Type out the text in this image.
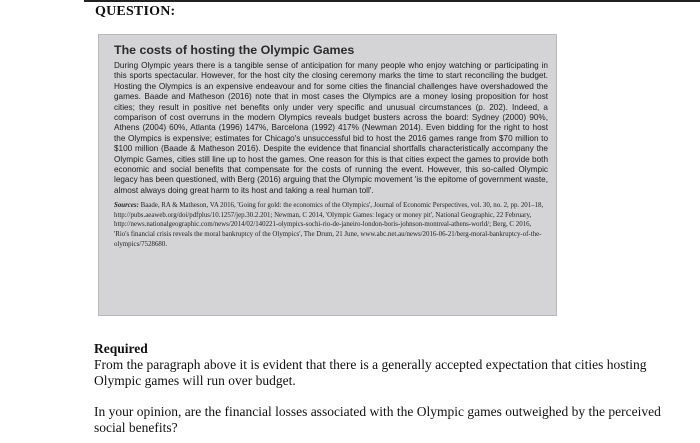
QUESTION:
The costs of hosting the Olympic Games

During Olympic years there is a tangible sense of anticipation for many people who enjoy watching or participating in this sports spectacular. However, for the host city the closing ceremony marks the time to start reconciling the budget. Hosting the Olympics is an expensive endeavour and for some cities the financial challenges have overshadowed the games. Baade and Matheson (2016) note that in most cases the Olympics are a money losing proposition for host cities; they result in positive net benefits only under very specific and unusual circumstances (p. 202). Indeed, a comparison of cost overruns in the modern Olympics reveals budget busters across the board: Sydney (2000) 90%, Athens (2004) 60%, Atlanta (1996) 147%, Barcelona (1992) 417% (Newman 2014). Even bidding for the right to host the Olympics is expensive; estimates for Chicago's unsuccessful bid to host the 2016 games range from $70 million to $100 million (Baade & Matheson 2016). Despite the evidence that financial shortfalls characteristically accompany the Olympic Games, cities still line up to host the games. One reason for this is that cities expect the games to provide both economic and social benefits that compensate for the costs of running the event. However, this so-called Olympic legacy has been questioned, with Berg (2016) arguing that the Olympic movement 'is the epitome of government waste, almost always doing great harm to its host and taking a real human toll'.

Sources: Baade, RA & Matheson, VA 2016, 'Going for gold: the economics of the Olympics', Journal of Economic Perspectives, vol. 30, no. 2, pp. 201–18, http://pubs.aeaweb.org/doi/pdfplus/10.1257/jep.30.2.201; Newman, C 2014, 'Olympic Games: legacy or money pit', National Geographic, 22 February, http://news.nationalgeographic.com/news/2014/02/140221-olympics-sochi-rio-de-janeiro-london-boris-johnson-montreal-athens-world/; Berg, C 2016, 'Rio's financial crisis reveals the moral bankruptcy of the Olympics', The Drum, 21 June, www.abc.net.au/news/2016-06-21/berg-moral-bankruptcy-of-the-olympics/7528680.

Required

From the paragraph above it is evident that there is a generally accepted expectation that cities hosting Olympic games will run over budget.

In your opinion, are the financial losses associated with the Olympic games outweighed by the perceived social benefits?
